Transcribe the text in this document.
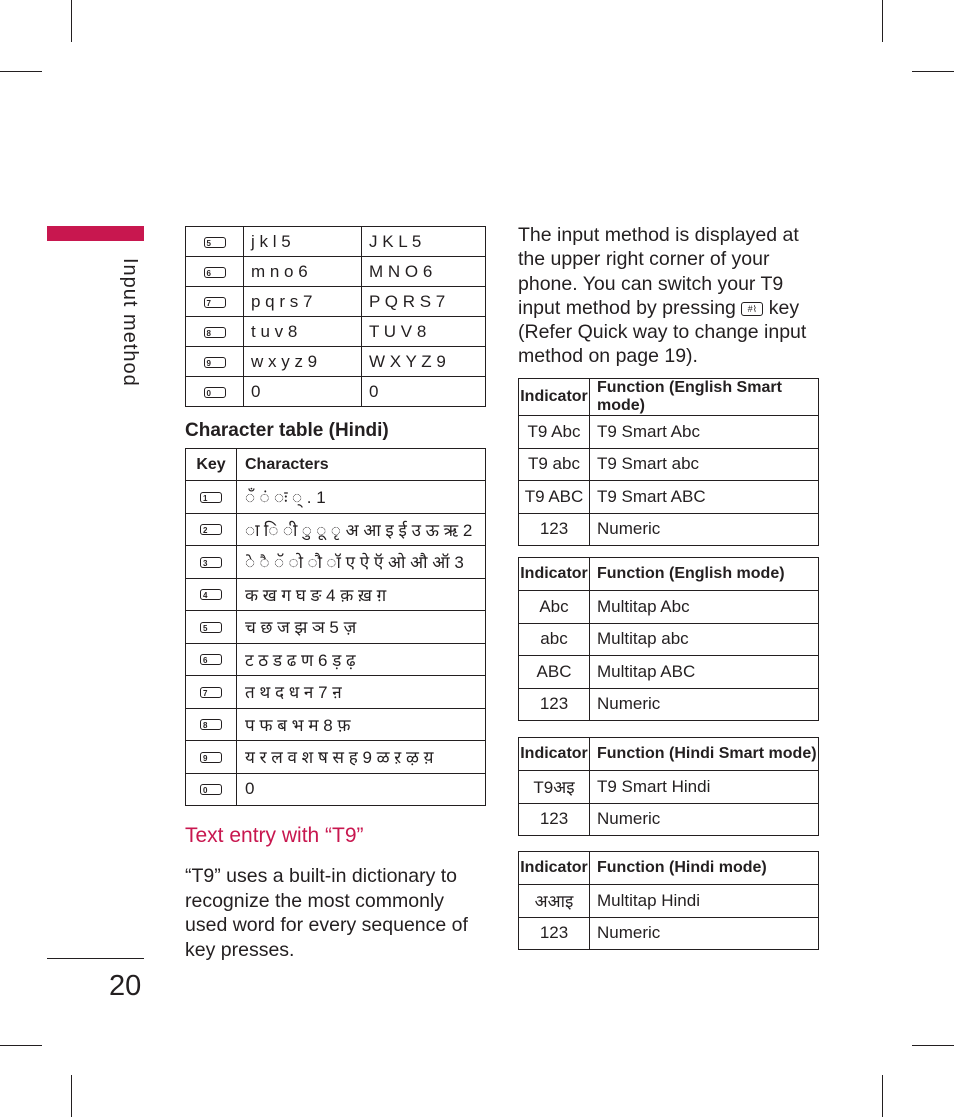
Input method
20
5	j k l 5	J K L 5
6	m n o 6	M N O 6
7	p q r s 7	P Q R S 7
8	t u v 8	T U V 8
9	w x y z 9	W X Y Z 9
0	0	0
Character table (Hindi)
Key	Characters
1	ँ ं ः ् . 1
2	ा ि ी ु ू ृ अ आ इ ई उ ऊ ऋ 2
3	े ै ॅ ो ौ ॉ ए ऐ ऍ ओ औ ऑ 3
4	क ख ग घ ङ 4 क़ ख़ ग़
5	च छ ज झ ञ 5 ज़
6	ट ठ ड ढ ण 6 ड़ ढ़
7	त थ द ध न 7 ऩ
8	प फ ब भ म 8 फ़
9	य र ल व श ष स ह 9 ळ ऱ ऴ य़
0	0
Text entry with “T9”

“T9” uses a built-in dictionary to recognize the most commonly used word for every sequence of key presses.

The input method is displayed at the upper right corner of your phone. You can switch your T9 input method by pressing #⌇ key (Refer Quick way to change input method on page 19).

Indicator	Function (English Smart mode)
T9 Abc	T9 Smart Abc
T9 abc	T9 Smart abc
T9 ABC	T9 Smart ABC
123	Numeric
Indicator	Function (English mode)
Abc	Multitap Abc
abc	Multitap abc
ABC	Multitap ABC
123	Numeric
Indicator	Function (Hindi Smart mode)
T9अइ	T9 Smart Hindi
123	Numeric
Indicator	Function (Hindi mode)
अआइ	Multitap Hindi
123	Numeric
